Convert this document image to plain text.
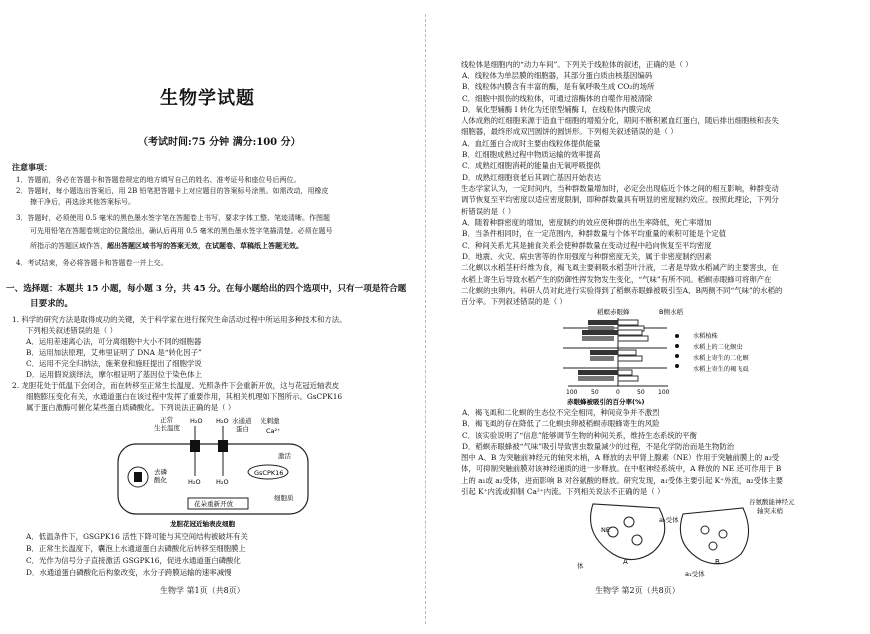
生物学试题
（考试时间:75 分钟 满分:100 分）
注意事项：
1．答题前，务必在答题卡和答题卷规定的地方填写自己的姓名、准考证号和座位号后两位。
2．答题时，每小题选出答案后，用 2B 铅笔把答题卡上对应题目的答案标号涂黑。如需改动，用橡皮
擦干净后，再选涂其他答案标号。
3．答题时，必须使用 0.5 毫米的黑色墨水签字笔在答题卷上书写，要求字体工整、笔迹清晰。作图题
可先用铅笔在答题卷规定的位置绘出，确认后再用 0.5 毫米的黑色墨水签字笔描清楚。必须在题号
所指示的答题区域作答，超出答题区域书写的答案无效，在试题卷、草稿纸上答题无效。
4．考试结束，务必将答题卡和答题卷一并上交。
一、选择题：本题共 15 小题，每小题 3 分，共 45 分。在每小题给出的四个选项中，只有一项是符合题
目要求的。
1. 科学的研究方法是取得成功的关键，关于科学家在进行探究生命活动过程中所运用多种技术和方法。
下列相关叙述错误的是（ ）
A．运用差速离心法，可分离细胞中大小不同的细胞器
B．运用加法原理，艾弗里证明了 DNA 是“转化因子”
C．运用不完全归纳法，施莱登和施旺提出了细胞学说
D．运用假说演绎法，摩尔根证明了基因位于染色体上
2. 龙胆花处于低温下会闭合，而在转移至正常生长温度、光照条件下会重新开放，这与花冠近轴表皮
细胞膨压变化有关，水通道蛋白在该过程中发挥了重要作用，其相关机理如下图所示。GsCPK16
属于蛋白激酶可催化某些蛋白质磷酸化。下列说法正确的是（ ）
正常
生长温度
H₂O H₂O 水通道
蛋白
光刺激
Ca²⁺
激活
H₂O H₂O
去磷
酸化
GsCPK16
花朵重新开放
细胞质
龙胆花冠近轴表皮细胞
A．低温条件下，GSGPK16 活性下降可能与其空间结构被破坏有关
B．正常生长温度下，囊泡上水通道蛋白去磷酸化后转移至细胞膜上
C．光作为信号分子直接激活 GSGPK16，促进水通道蛋白磷酸化
D．水通道蛋白磷酸化后构象改变，水分子跨膜运输的速率减慢
生物学 第1页（共8页）
线粒体是细胞内的“动力车间”。下列关于线粒体的叙述，正确的是（ ）
A．线粒体为单层膜的细胞器，其部分蛋白质由核基因编码
B．线粒体内膜含有丰富的酶，是有氧呼吸生成 CO₂的场所
C．细胞中损伤的线粒体，可通过溶酶体的自噬作用被清除
D．氧化型辅酶 I 转化为还原型辅酶 I，在线粒体内膜完成
人体成熟的红细胞来源于造血干细胞的增殖分化，期间不断积累血红蛋白，随后排出细胞核和丧失
细胞器，最终形成双凹圆饼的圆饼形。下列相关叙述错误的是（ ）
A．血红蛋白合成时主要由线粒体提供能量
B．红细胞成熟过程中物质运输的效率提高
C．成熟红细胞消耗的能量由无氧呼吸提供
D．成熟红细胞衰老后其调亡基因开始表达
生态学家认为，一定时间内，当种群数量增加时，必定会出现临近个体之间的相互影响，种群变动
调节恢复至平均密度以适应密度限制，即种群数量具有明显的密度制约效应。按照此理论，下列分
析错误的是（ ）
A．随着种群密度的增加，密度制约的效应使种群的出生率降低，死亡率增加
B．当条件相同时，在一定范围内，种群数量与个体平均重量的乘积可能是个定值
C．种间关系尤其是捕食关系会使种群数量在变动过程中趋向恢复至平均密度
D．地震、火灾、病虫害等的作用强度与种群密度无关，属于非密度制约因素
二化螟以水稻茎秆纤维为食，褐飞虱主要刺吸水稻茎叶汁液，二者是导致水稻减产的主要害虫，在
水稻上寄生后导致水稻产生的防御性挥发物发生变化，“气味”有所不同。稻螟赤眼蜂可将卵产在
二化螟的虫卵内。科研人员对此进行实验得到了稻螟赤眼蜂被吸引至A、B两侧不同“气味”的水稻的
百分率。下列叙述错误的是（ ）
稻螟赤眼蜂	B侧水稻
100 50	0	50 100
赤眼蜂被吸引的百分率(%)
水稻植株
水稻上的二化螟虫
水稻上寄生的二化螟
水稻上寄生的褐飞虱
A．褐飞虱和二化螟的生态位不完全相同，种间竞争并不激烈
B．褐飞虱的存在降低了二化螟虫卵被稻螟赤眼蜂寄生的风险
C．该实验说明了“信息”能够调节生物的种间关系，维持生态系统的平衡
D．稻螟赤眼蜂被“气味”吸引导致害虫数量减少的过程，不是化学防治而是生物防治
图中 A、B 为突触前神经元的轴突末梢，A 释放的去甲肾上腺素（NE）作用于突触前膜上的 a₂受
体，可抑制突触前膜对该神经递质的进一步释放。在中枢神经系统中，A 释放的 NE 还可作用于 B
上的 a₁或 a₂受体，进而影响 B 对谷氨酸的释放。研究发现，a₁受体主要引起 K⁺外流，a₂受体主要
引起 K⁺内流或抑制 Ca²⁺内流。下列相关说法不正确的是（ ）
NE
A	B
a₂受体
a₁受体
体
谷氨酸能神经元
轴突末梢
生物学 第2页（共8页）
